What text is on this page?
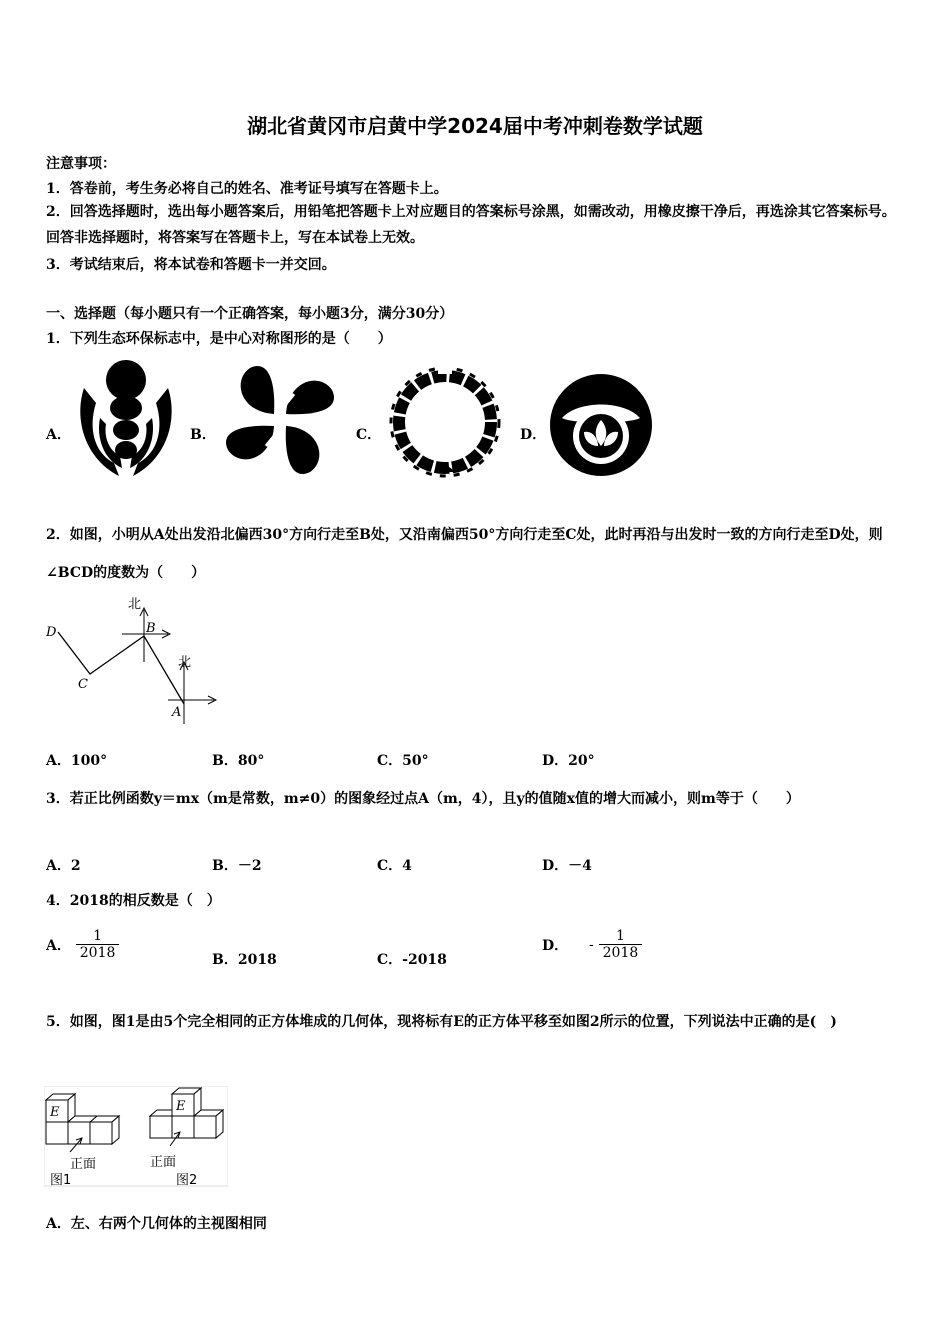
湖北省黄冈市启黄中学2024届中考冲刺卷数学试题
注意事项：
1．答卷前，考生务必将自己的姓名、准考证号填写在答题卡上。
2．回答选择题时，选出每小题答案后，用铅笔把答题卡上对应题目的答案标号涂黑，如需改动，用橡皮擦干净后，再选涂其它答案标号。回答非选择题时，将答案写在答题卡上，写在本试卷上无效。
3．考试结束后，将本试卷和答题卡一并交回。
一、选择题（每小题只有一个正确答案，每小题3分，满分30分）
1．下列生态环保标志中，是中心对称图形的是（　　）
A．	B．	C．	D．
2．如图，小明从A处出发沿北偏西30°方向行走至B处，又沿南偏西50°方向行走至C处，此时再沿与出发时一致的方向行走至D处，则∠BCD的度数为（　　）
北
北
D
C
B
A
A．100°	B．80°	C．50°	D．20°
3．若正比例函数y＝mx（m是常数，m≠0）的图象经过点A（m，4），且y的值随x值的增大而减小，则m等于（　　）
A．2	B．－2	C．4	D．－4
4．2018的相反数是（　）
A． $\frac{1}{2018}$	B．2018	C．-2018
D． - $\frac{1}{2018}$
5．如图，图1是由5个完全相同的正方体堆成的几何体，现将标有E的正方体平移至如图2所示的位置，下列说法中正确的是(　)
E
正面
图1
E
正面
图2
A．左、右两个几何体的主视图相同
